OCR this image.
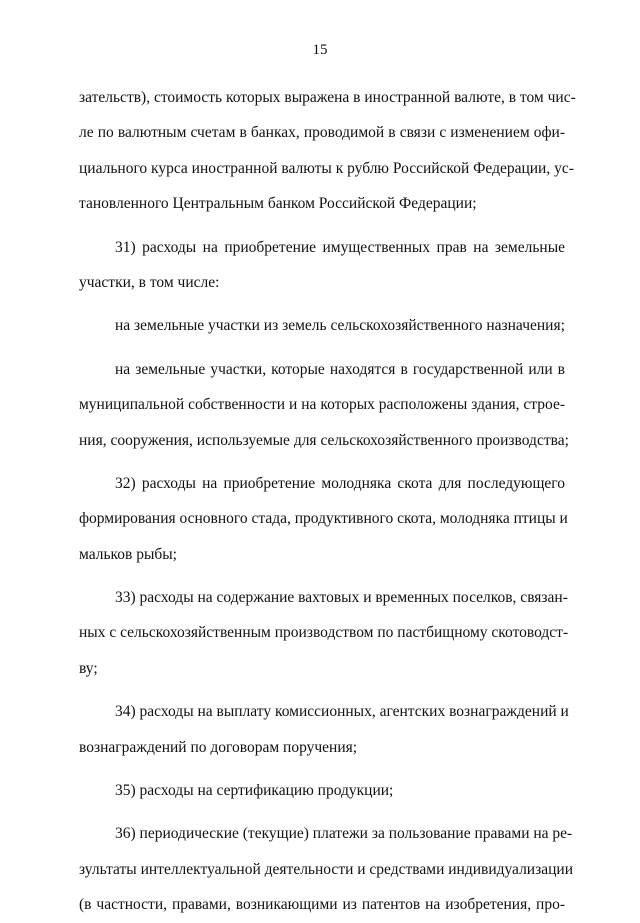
15
зательств), стоимость которых выражена в иностранной валюте, в том чис-
ле по валютным счетам в банках, проводимой в связи с изменением офи-
циального курса иностранной валюты к рублю Российской Федерации, ус-
тановленного Центральным банком Российской Федерации;
31) расходы на приобретение имущественных прав на земельные
участки, в том числе:
на земельные участки из земель сельскохозяйственного назначения;
на земельные участки, которые находятся в государственной или в
муниципальной собственности и на которых расположены здания, строе-
ния, сооружения, используемые для сельскохозяйственного производства;
32) расходы на приобретение молодняка скота для последующего
формирования основного стада, продуктивного скота, молодняка птицы и
мальков рыбы;
33) расходы на содержание вахтовых и временных поселков, связан-
ных с сельскохозяйственным производством по пастбищному скотоводст-
ву;
34) расходы на выплату комиссионных, агентских вознаграждений и
вознаграждений по договорам поручения;
35) расходы на сертификацию продукции;
36) периодические (текущие) платежи за пользование правами на ре-
зультаты интеллектуальной деятельности и средствами индивидуализации
(в частности, правами, возникающими из патентов на изобретения, про-
